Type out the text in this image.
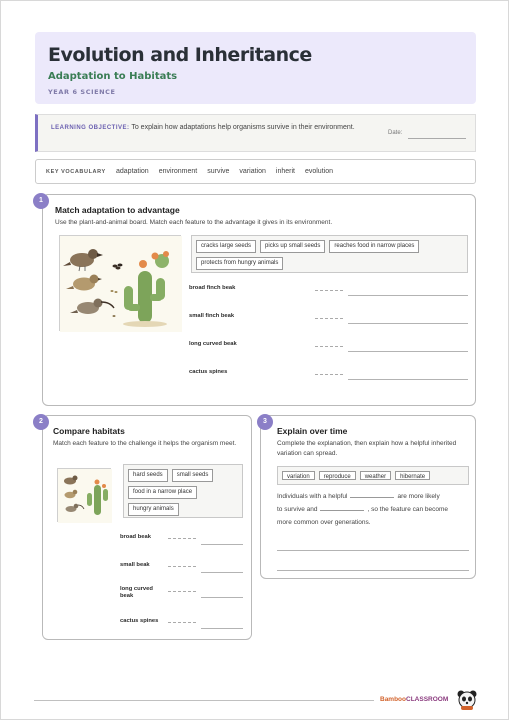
Evolution and Inheritance
Adaptation to Habitats
YEAR 6 SCIENCE
LEARNING OBJECTIVE: To explain how adaptations help organisms survive in their environment.
Date:
KEY VOCABULARY adaptation environment survive variation inherit evolution
Match adaptation to advantage
Use the plant-and-animal board. Match each feature to the advantage it gives in its environment.
cracks large seeds	picks up small seeds	reaches food in narrow places
protects from hungry animals
broad finch beak
small finch beak
long curved beak
cactus spines
1
Compare habitats
Match each feature to the challenge it helps the organism meet.
hard seeds	small seeds
food in a narrow place
hungry animals
broad beak
small beak
long curved beak
cactus spines
2
Explain over time
Complete the explanation, then explain how a helpful inherited variation can spread.
variation	reproduce	weather	hibernate
Individuals with a helpful	are more likely
to survive and	, so the feature can become
more common over generations.
3
BambooCLASSROOM
